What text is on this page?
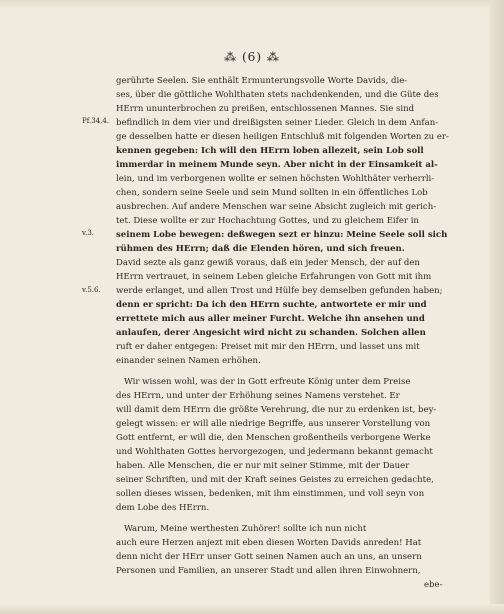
⁂ (6) ⁂
Pf.34,4.
v.3.
v.5.6.
gerührte Seelen. Sie enthält Ermunterungsvolle Worte Davids, die-
ses, über die göttliche Wohlthaten stets nachdenkenden, und die Güte des
HErrn ununterbrochen zu preißen, entschlossenen Mannes. Sie sind
befindlich in dem vier und dreißigsten seiner Lieder. Gleich in dem Anfan-
ge desselben hatte er diesen heiligen Entschluß mit folgenden Worten zu er-
kennen gegeben: Ich will den HErrn loben allezeit, sein Lob soll
immerdar in meinem Munde seyn. Aber nicht in der Einsamkeit al-
lein, und im verborgenen wollte er seinen höchsten Wohlthäter verherrli-
chen, sondern seine Seele und sein Mund sollten in ein öffentliches Lob
ausbrechen. Auf andere Menschen war seine Absicht zugleich mit gerich-
tet. Diese wollte er zur Hochachtung Gottes, und zu gleichem Eifer in
seinem Lobe bewegen: deßwegen sezt er hinzu: Meine Seele soll sich
rühmen des HErrn; daß die Elenden hören, und sich freuen.
David sezte als ganz gewiß voraus, daß ein jeder Mensch, der auf den
HErrn vertrauet, in seinem Leben gleiche Erfahrungen von Gott mit ihm
werde erlanget, und allen Trost und Hülfe bey demselben gefunden haben;
denn er spricht: Da ich den HErrn suchte, antwortete er mir und
errettete mich aus aller meiner Furcht. Welche ihn ansehen und
anlaufen, derer Angesicht wird nicht zu schanden. Solchen allen
ruft er daher entgegen: Preiset mit mir den HErrn, und lasset uns mit
einander seinen Namen erhöhen.
Wir wissen wohl, was der in Gott erfreute König unter dem Preise
des HErrn, und unter der Erhöhung seines Namens verstehet. Er
will damit dem HErrn die größte Verehrung, die nur zu erdenken ist, bey-
gelegt wissen: er will alle niedrige Begriffe, aus unserer Vorstellung von
Gott entfernt, er will die, den Menschen großentheils verborgene Werke
und Wohlthaten Gottes hervorgezogen, und jedermann bekannt gemacht
haben. Alle Menschen, die er nur mit seiner Stimme, mit der Dauer
seiner Schriften, und mit der Kraft seines Geistes zu erreichen gedachte,
sollen dieses wissen, bedenken, mit ihm einstimmen, und voll seyn von
dem Lobe des HErrn.
Warum, Meine werthesten Zuhörer! sollte ich nun nicht
auch eure Herzen anjezt mit eben diesen Worten Davids anreden! Hat
denn nicht der HErr unser Gott seinen Namen auch an uns, an unsern
Personen und Familien, an unserer Stadt und allen ihren Einwohnern,
ebe-
